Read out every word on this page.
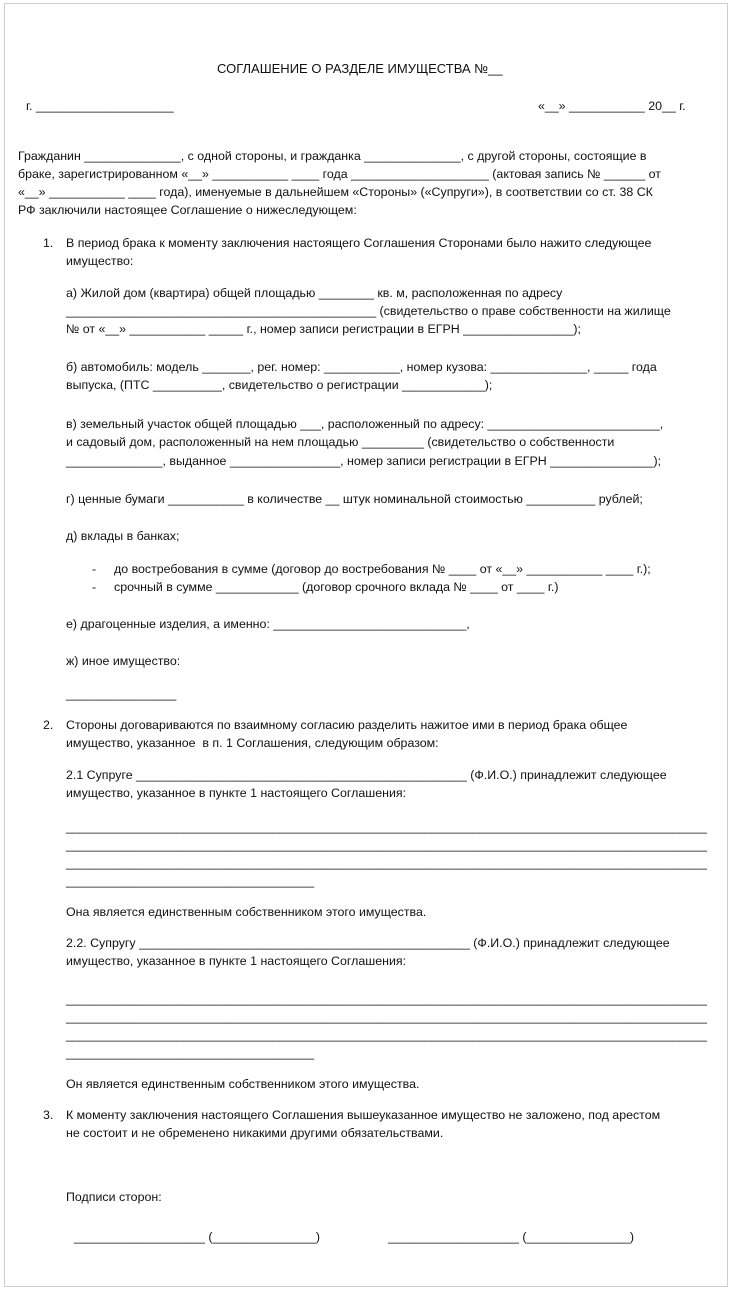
СОГЛАШЕНИЕ О РАЗДЕЛЕ ИМУЩЕСТВА №__
г. ____________________	«__» ___________ 20__ г.
Гражданин ______________, с одной стороны, и гражданка ______________, с другой стороны, состоящие в
браке, зарегистрированном «__» ___________ ____ года ____________________ (актовая запись № ______ от
«__» ___________ ____ года), именуемые в дальнейшем «Стороны» («Супруги»), в соответствии со ст. 38 СК
РФ заключили настоящее Соглашение о нижеследующем:
1. В период брака к моменту заключения настоящего Соглашения Сторонами было нажито следующее
имущество:
а) Жилой дом (квартира) общей площадью ________ кв. м, расположенная по адресу
_____________________________________________ (свидетельство о праве собственности на жилище
№ от «__» ___________ _____ г., номер записи регистрации в ЕГРН ________________);
б) автомобиль: модель _______, рег. номер: ___________, номер кузова: ______________, _____ года
выпуска, (ПТС __________, свидетельство о регистрации ____________);
в) земельный участок общей площадью ___, расположенный по адресу: _________________________,
и садовый дом, расположенный на нем площадью _________ (свидетельство о собственности
______________, выданное ________________, номер записи регистрации в ЕГРН _______________);
г) ценные бумаги ___________ в количестве __ штук номинальной стоимостью __________ рублей;
д) вклады в банках;
- до востребования в сумме (договор до востребования № ____ от «__» ___________ ____ г.);
- срочный в сумме ____________ (договор срочного вклада № ____ от ____ г.)
е) драгоценные изделия, а именно: ____________________________,
ж) иное имущество:
________________
2. Стороны договариваются по взаимному согласию разделить нажитое ими в период брака общее
имущество, указанное  в п. 1 Соглашения, следующим образом:
2.1 Супруге ________________________________________________ (Ф.И.О.) принадлежит следующее
имущество, указанное в пункте 1 настоящего Соглашения:
_____________________________________________________________________________________________
_____________________________________________________________________________________________
_____________________________________________________________________________________________
____________________________________
Она является единственным собственником этого имущества.
2.2. Супругу ________________________________________________ (Ф.И.О.) принадлежит следующее
имущество, указанное в пункте 1 настоящего Соглашения:
_____________________________________________________________________________________________
_____________________________________________________________________________________________
_____________________________________________________________________________________________
____________________________________
Он является единственным собственником этого имущества.
3. К моменту заключения настоящего Соглашения вышеуказанное имущество не заложено, под арестом
не состоит и не обременено никакими другими обязательствами.
Подписи сторон:
___________________ (_______________)	___________________ (_______________)
